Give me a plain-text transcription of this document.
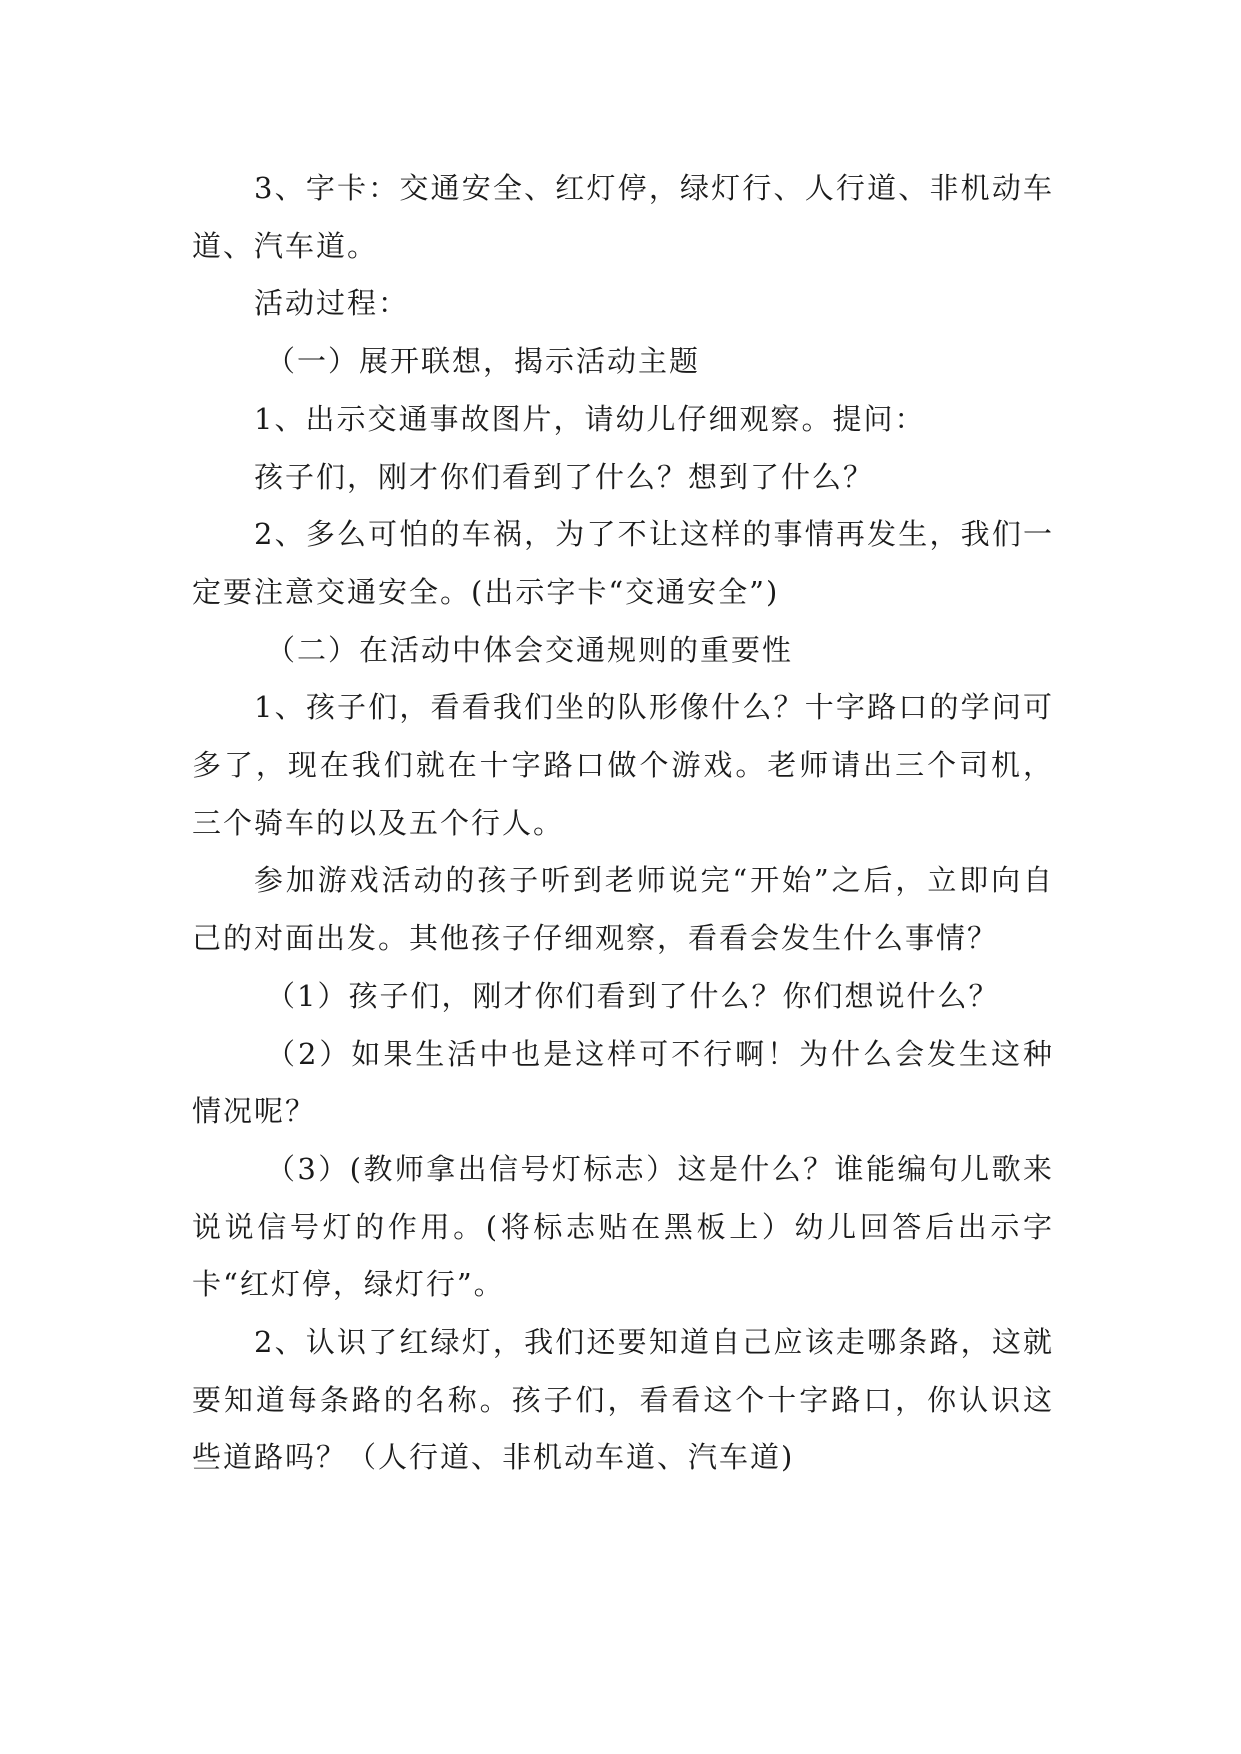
3、字卡：交通安全、红灯停，绿灯行、人行道、非机动车道、汽车道。

活动过程：

（一）展开联想，揭示活动主题

1、出示交通事故图片，请幼儿仔细观察。提问：

孩子们，刚才你们看到了什么？想到了什么？

2、多么可怕的车祸，为了不让这样的事情再发生，我们一定要注意交通安全。(出示字卡“交通安全”)

（二）在活动中体会交通规则的重要性

1、孩子们，看看我们坐的队形像什么？十字路口的学问可多了，现在我们就在十字路口做个游戏。老师请出三个司机，三个骑车的以及五个行人。

参加游戏活动的孩子听到老师说完“开始”之后，立即向自己的对面出发。其他孩子仔细观察，看看会发生什么事情？

（1）孩子们，刚才你们看到了什么？你们想说什么？

（2）如果生活中也是这样可不行啊！为什么会发生这种情况呢？

（3）(教师拿出信号灯标志）这是什么？谁能编句儿歌来说说信号灯的作用。(将标志贴在黑板上）幼儿回答后出示字卡“红灯停，绿灯行”。

2、认识了红绿灯，我们还要知道自己应该走哪条路，这就要知道每条路的名称。孩子们，看看这个十字路口，你认识这些道路吗？（人行道、非机动车道、汽车道)
